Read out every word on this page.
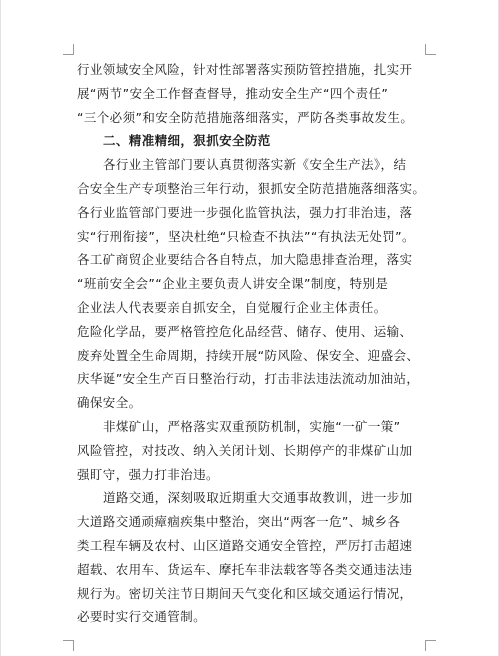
行业领域安全风险，针对性部署落实预防管控措施，扎实开
展“两节”安全工作督查督导，推动安全生产“四个责任”
“三个必须”和安全防范措施落细落实，严防各类事故发生。
二、精准精细，狠抓安全防范
各行业主管部门要认真贯彻落实新《安全生产法》，结
合安全生产专项整治三年行动，狠抓安全防范措施落细落实。
各行业监管部门要进一步强化监管执法，强力打非治违，落
实“行刑衔接”，坚决杜绝“只检查不执法”“有执法无处罚”。
各工矿商贸企业要结合各自特点，加大隐患排查治理，落实
“班前安全会”“企业主要负责人讲安全课”制度，特别是
企业法人代表要亲自抓安全，自觉履行企业主体责任。
危险化学品，要严格管控危化品经营、储存、使用、运输、
废弃处置全生命周期，持续开展“防风险、保安全、迎盛会、
庆华诞”安全生产百日整治行动，打击非法违法流动加油站，
确保安全。
非煤矿山，严格落实双重预防机制，实施“一矿一策”
风险管控，对技改、纳入关闭计划、长期停产的非煤矿山加
强盯守，强力打非治违。
道路交通，深刻吸取近期重大交通事故教训，进一步加
大道路交通顽瘴痼疾集中整治，突出“两客一危”、城乡各
类工程车辆及农村、山区道路交通安全管控，严厉打击超速
超载、农用车、货运车、摩托车非法载客等各类交通违法违
规行为。密切关注节日期间天气变化和区域交通运行情况，
必要时实行交通管制。
